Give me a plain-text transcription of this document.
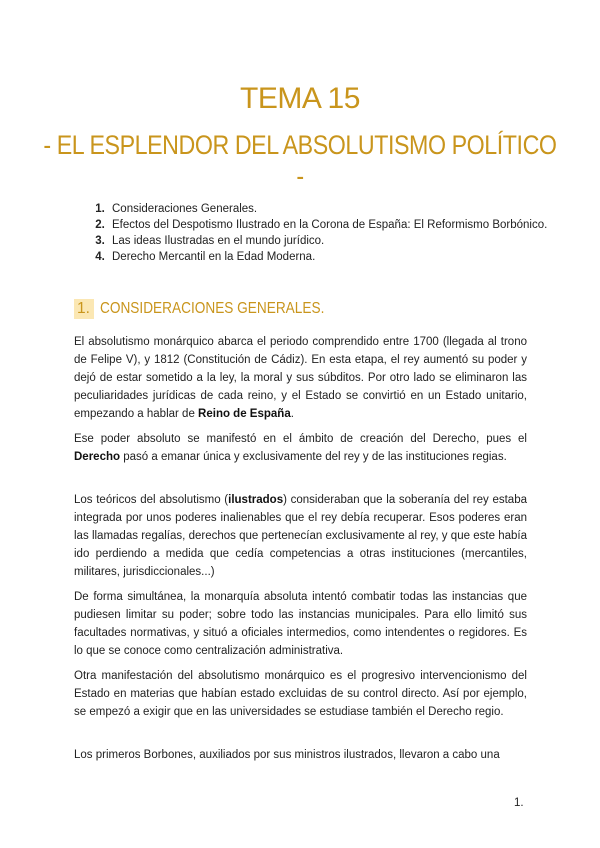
TEMA 15
- EL ESPLENDOR DEL ABSOLUTISMO POLÍTICO -
1. Consideraciones Generales.
2. Efectos del Despotismo Ilustrado en la Corona de España: El Reformismo Borbónico.
3. Las ideas Ilustradas en el mundo jurídico.
4. Derecho Mercantil en la Edad Moderna.
1. CONSIDERACIONES GENERALES.

El absolutismo monárquico abarca el periodo comprendido entre 1700 (llegada al trono de Felipe V), y 1812 (Constitución de Cádiz). En esta etapa, el rey aumentó su poder y dejó de estar sometido a la ley, la moral y sus súbditos. Por otro lado se eliminaron las peculiaridades jurídicas de cada reino, y el Estado se convirtió en un Estado unitario, empezando a hablar de Reino de España.

Ese poder absoluto se manifestó en el ámbito de creación del Derecho, pues el Derecho pasó a emanar única y exclusivamente del rey y de las instituciones regias.

Los teóricos del absolutismo (ilustrados) consideraban que la soberanía del rey estaba integrada por unos poderes inalienables que el rey debía recuperar. Esos poderes eran las llamadas regalías, derechos que pertenecían exclusivamente al rey, y que este había ido perdiendo a medida que cedía competencias a otras instituciones (mercantiles, militares, jurisdiccionales...)

De forma simultánea, la monarquía absoluta intentó combatir todas las instancias que pudiesen limitar su poder; sobre todo las instancias municipales. Para ello limitó sus facultades normativas, y situó a oficiales intermedios, como intendentes o regidores. Es lo que se conoce como centralización administrativa.

Otra manifestación del absolutismo monárquico es el progresivo intervencionismo del Estado en materias que habían estado excluidas de su control directo. Así por ejemplo, se empezó a exigir que en las universidades se estudiase también el Derecho regio.

Los primeros Borbones, auxiliados por sus ministros ilustrados, llevaron a cabo una

1.
